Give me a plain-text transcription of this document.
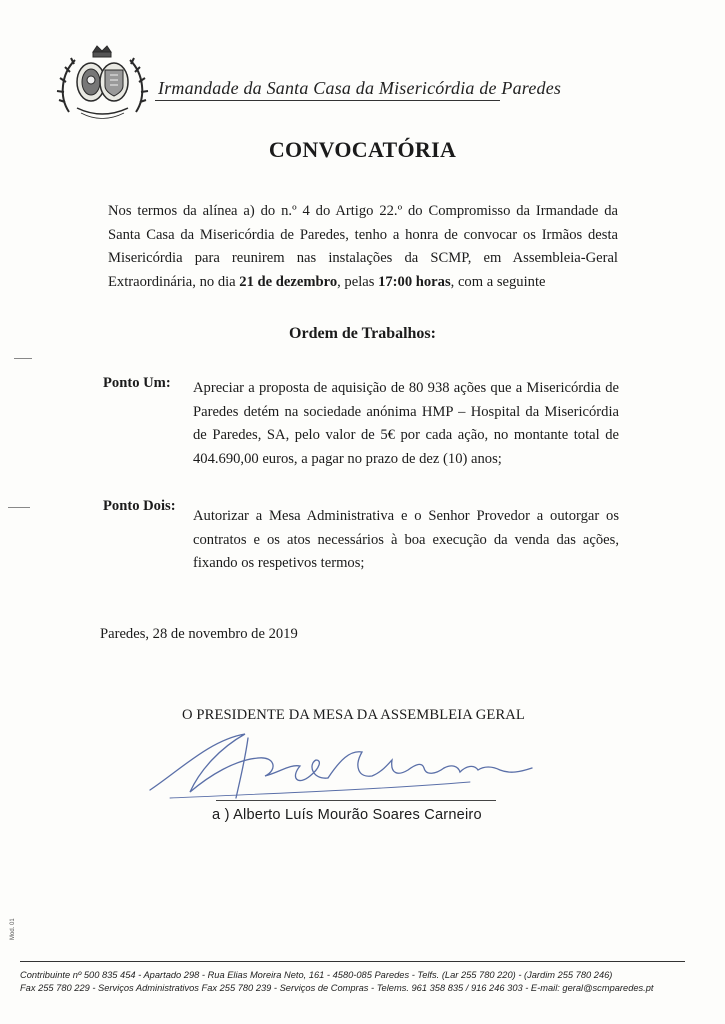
Irmandade da Santa Casa da Misericórdia de Paredes
CONVOCATÓRIA
Nos termos da alínea a) do n.º 4 do Artigo 22.º do Compromisso da Irmandade da Santa Casa da Misericórdia de Paredes, tenho a honra de convocar os Irmãos desta Misericórdia para reunirem nas instalações da SCMP, em Assembleia-Geral Extraordinária, no dia 21 de dezembro, pelas 17:00 horas, com a seguinte
Ordem de Trabalhos:
Ponto Um: Apreciar a proposta de aquisição de 80 938 ações que a Misericórdia de Paredes detém na sociedade anónima HMP – Hospital da Misericórdia de Paredes, SA, pelo valor de 5€ por cada ação, no montante total de 404.690,00 euros, a pagar no prazo de dez (10) anos;
Ponto Dois:
Autorizar a Mesa Administrativa e o Senhor Provedor a outorgar os contratos e os atos necessários à boa execução da venda das ações, fixando os respetivos termos;
Paredes, 28 de novembro de 2019
O PRESIDENTE DA MESA DA ASSEMBLEIA GERAL
a ) Alberto Luís Mourão Soares Carneiro
Mod. 01
Contribuinte nº 500 835 454 - Apartado 298 - Rua Elias Moreira Neto, 161 - 4580-085 Paredes - Telfs. (Lar 255 780 220) - (Jardim 255 780 246)
Fax 255 780 229 - Serviços Administrativos Fax 255 780 239 - Serviços de Compras - Telems. 961 358 835 / 916 246 303 - E-mail: geral@scmparedes.pt
